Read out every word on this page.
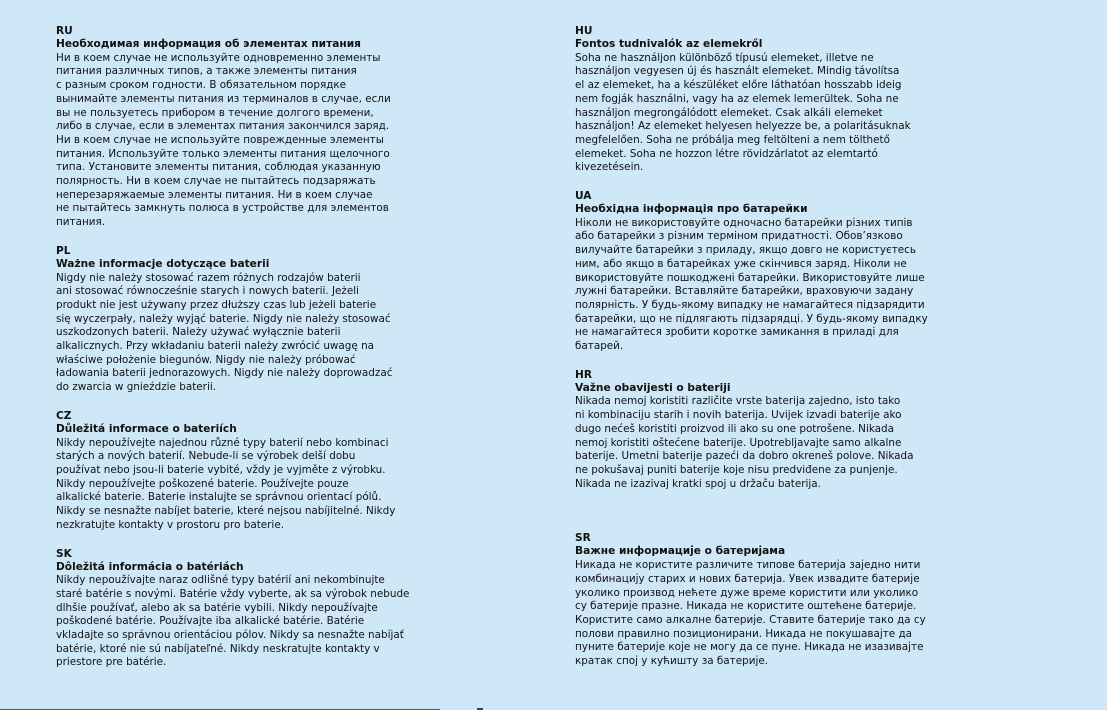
RU
Необходимая информация об элементах питания
Ни в коем случае не используйте одновременно элементы
питания различных типов, а также элементы питания
с разным сроком годности. В обязательном порядке
вынимайте элементы питания из терминалов в случае, если
вы не пользуетесь прибором в течение долгого времени,
либо в случае, если в элементах питания закончился заряд.
Ни в коем случае не используйте поврежденные элементы
питания. Используйте только элементы питания щелочного
типа. Установите элементы питания, соблюдая указанную
полярность. Ни в коем случае не пытайтесь подзаряжать
неперезаряжаемые элементы питания. Ни в коем случае
не пытайтесь замкнуть полюса в устройстве для элементов
питания.
PL
Ważne informacje dotyczące baterii
Nigdy nie należy stosować razem różnych rodzajów baterii
ani stosować równocześnie starych i nowych baterii. Jeżeli
produkt nie jest używany przez dłuższy czas lub jeżeli baterie
się wyczerpały, należy wyjąć baterie. Nigdy nie należy stosować
uszkodzonych baterii. Należy używać wyłącznie baterii
alkalicznych. Przy wkładaniu baterii należy zwrócić uwagę na
właściwe położenie biegunów. Nigdy nie należy próbować
ładowania baterii jednorazowych. Nigdy nie należy doprowadzać
do zwarcia w gnieździe baterii.
CZ
Důležitá informace o bateriích
Nikdy nepoužívejte najednou různé typy baterií nebo kombinaci
starých a nových baterií. Nebude-li se výrobek delší dobu
používat nebo jsou-li baterie vybité, vždy je vyjměte z výrobku.
Nikdy nepoužívejte poškozené baterie. Používejte pouze
alkalické baterie. Baterie instalujte se správnou orientací pólů.
Nikdy se nesnažte nabíjet baterie, které nejsou nabíjitelné. Nikdy
nezkratujte kontakty v prostoru pro baterie.
SK
Dôležitá informácia o batériách
Nikdy nepoužívajte naraz odlišné typy batérií ani nekombinujte
staré batérie s novými. Batérie vždy vyberte, ak sa výrobok nebude
dlhšie používať, alebo ak sa batérie vybili. Nikdy nepoužívajte
poškodené batérie. Používajte iba alkalické batérie. Batérie
vkladajte so správnou orientáciou pólov. Nikdy sa nesnažte nabíjať
batérie, ktoré nie sú nabíjateľné. Nikdy neskratujte kontakty v
priestore pre batérie.
HU
Fontos tudnivalók az elemekről
Soha ne használjon különböző típusú elemeket, illetve ne
használjon vegyesen új és használt elemeket. Mindig távolítsa
el az elemeket, ha a készüléket előre láthatóan hosszabb ideig
nem fogják használni, vagy ha az elemek lemerültek. Soha ne
használjon megrongálódott elemeket. Csak alkáli elemeket
használjon! Az elemeket helyesen helyezze be, a polaritásuknak
megfelelően. Soha ne próbálja meg feltölteni a nem tölthető
elemeket. Soha ne hozzon létre rövidzárlatot az elemtartó
kivezetésein.
UA
Необхідна інформація про батарейки
Ніколи не використовуйте одночасно батарейки різних типів
або батарейки з різним терміном придатності. Обов’язково
вилучайте батарейки з приладу, якщо довго не користуєтесь
ним, або якщо в батарейках уже скінчився заряд. Ніколи не
використовуйте пошкоджені батарейки. Використовуйте лише
лужні батарейки. Вставляйте батарейки, враховуючи задану
полярність. У будь-якому випадку не намагайтеся підзарядити
батарейки, що не підлягають підзарядці. У будь-якому випадку
не намагайтеся зробити коротке замикання в приладі для
батарей.
HR
Važne obavijesti o bateriji
Nikada nemoj koristiti različite vrste baterija zajedno, isto tako
ni kombinaciju starih i novih baterija. Uvijek izvadi baterije ako
dugo nećeš koristiti proizvod ili ako su one potrošene. Nikada
nemoj koristiti oštećene baterije. Upotrebljavajte samo alkalne
baterije. Umetni baterije pazeći da dobro okreneš polove. Nikada
ne pokušavaj puniti baterije koje nisu predviđene za punjenje.
Nikada ne izazivaj kratki spoj u držaču baterija.
SR
Важне информације о батеријама
Никада не користите различите типове батерија заједно нити
комбинацију старих и нових батерија. Увек извадите батерије
уколико производ нећете дуже време користити или уколико
су батерије празне. Никада не користите оштећене батерије.
Користите само алкалне батерије. Ставите батерије тако да су
полови правилно позиционирани. Никада не покушавајте да
пуните батерије које не могу да се пуне. Никада не изазивајте
кратак спој у кућишту за батерије.
